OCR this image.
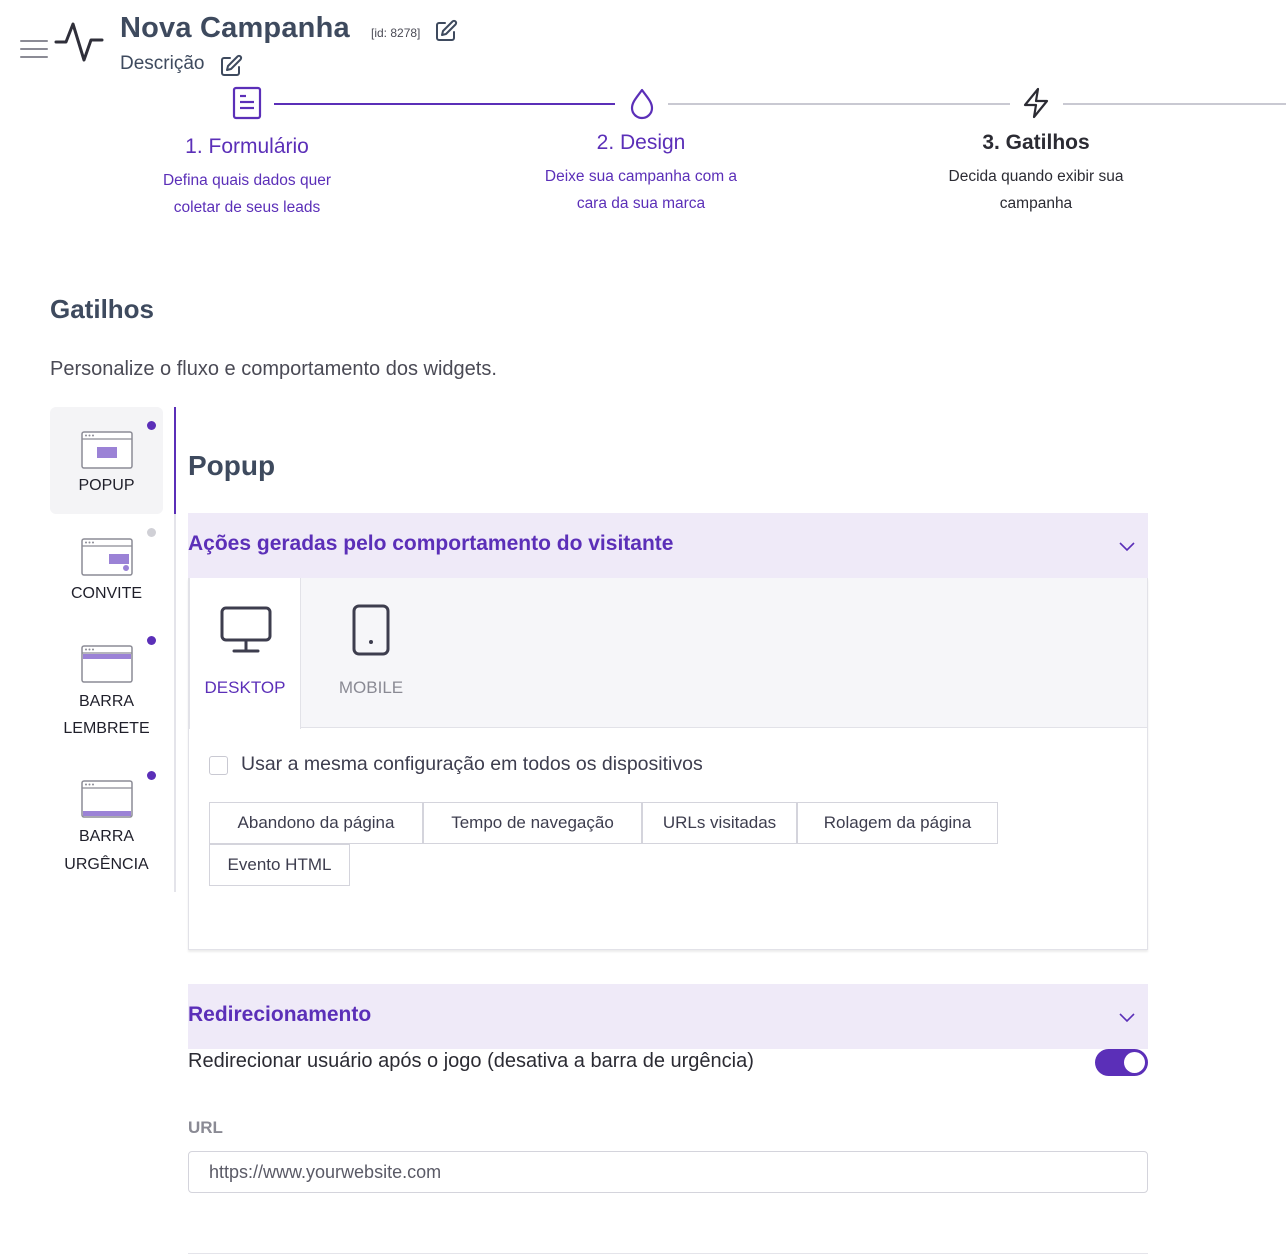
Nova Campanha [id: 8278]
Descrição
1. Formulário
Defina quais dados quer
coletar de seus leads
2. Design
Deixe sua campanha com a
cara da sua marca
3. Gatilhos
Decida quando exibir sua
campanha
Gatilhos
Personalize o fluxo e comportamento dos widgets.
POPUP
CONVITE
BARRA
LEMBRETE
BARRA
URGÊNCIA
Popup
Ações geradas pelo comportamento do visitante
DESKTOP	MOBILE
Usar a mesma configuração em todos os dispositivos
Abandono da página	Tempo de navegação	URLs visitadas	Rolagem da página
Evento HTML
Redirecionamento
Redirecionar usuário após o jogo (desativa a barra de urgência)
URL
https://www.yourwebsite.com
